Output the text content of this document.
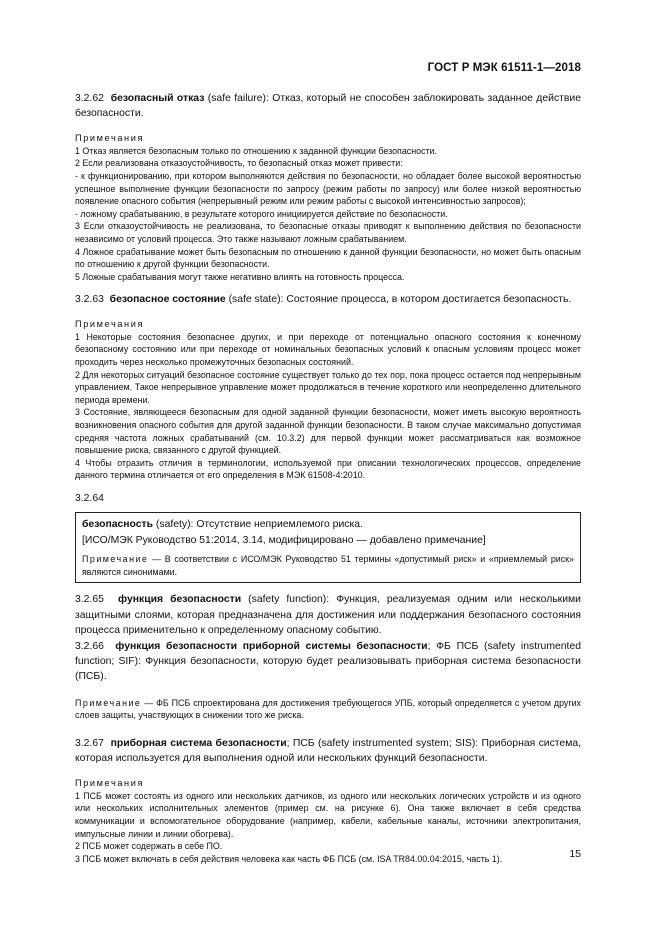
ГОСТ Р МЭК 61511-1—2018

3.2.62 безопасный отказ (safe failure): Отказ, который не способен заблокировать заданное действие безопасности.

Примечания

1 Отказ является безопасным только по отношению к заданной функции безопасности.

2 Если реализована отказоустойчивость, то безопасный отказ может привести:

- к функционированию, при котором выполняются действия по безопасности, но обладает более высокой вероятностью успешное выполнение функции безопасности по запросу (режим работы по запросу) или более низкой вероятностью появление опасного события (непрерывный режим или режим работы с высокой интенсивностью запросов);

- ложному срабатыванию, в результате которого инициируется действие по безопасности.

3 Если отказоустойчивость не реализована, то безопасные отказы приводят к выполнению действия по безопасности независимо от условий процесса. Это также называют ложным срабатыванием.

4 Ложное срабатывание может быть безопасным по отношению к данной функции безопасности, но может быть опасным по отношению к другой функции безопасности.

5 Ложные срабатывания могут также негативно влиять на готовность процесса.

3.2.63 безопасное состояние (safe state): Состояние процесса, в котором достигается безопасность.

Примечания

1 Некоторые состояния безопаснее других, и при переходе от потенциально опасного состояния к конечному безопасному состоянию или при переходе от номинальных безопасных условий к опасным условиям процесс может проходить через несколько промежуточных безопасных состояний.

2 Для некоторых ситуаций безопасное состояние существует только до тех пор, пока процесс остается под непрерывным управлением. Такое непрерывное управление может продолжаться в течение короткого или неопределенно длительного периода времени.

3 Состояние, являющееся безопасным для одной заданной функции безопасности, может иметь высокую вероятность возникновения опасного события для другой заданной функции безопасности. В таком случае максимально допустимая средняя частота ложных срабатываний (см. 10.3.2) для первой функции может рассматриваться как возможное повышение риска, связанного с другой функцией.

4 Чтобы отразить отличия в терминологии, используемой при описании технологических процессов, определение данного термина отличается от его определения в МЭК 61508-4:2010.

3.2.64

безопасность (safety): Отсутствие неприемлемого риска.

[ИСО/МЭК Руководство 51:2014, 3.14, модифицировано — добавлено примечание]

Примечание — В соответствии с ИСО/МЭК Руководство 51 термины «допустимый риск» и «приемлемый риск» являются синонимами.

3.2.65 функция безопасности (safety function): Функция, реализуемая одним или несколькими защитными слоями, которая предназначена для достижения или поддержания безопасного состояния процесса применительно к определенному опасному событию.

3.2.66 функция безопасности приборной системы безопасности; ФБ ПСБ (safety instrumented function; SIF): Функция безопасности, которую будет реализовывать приборная система безопасности (ПСБ).

Примечание — ФБ ПСБ спроектирована для достижения требующегося УПБ, который определяется с учетом других слоев защиты, участвующих в снижении того же риска.

3.2.67 приборная система безопасности; ПСБ (safety instrumented system; SIS): Приборная система, которая используется для выполнения одной или нескольких функций безопасности.

Примечания

1 ПСБ может состоять из одного или нескольких датчиков, из одного или нескольких логических устройств и из одного или нескольких исполнительных элементов (пример см. на рисунке 6). Она также включает в себя средства коммуникации и вспомогательное оборудование (например, кабели, кабельные каналы, источники электропитания, импульсные линии и линии обогрева).

2 ПСБ может содержать в себе ПО.

3 ПСБ может включать в себя действия человека как часть ФБ ПСБ (см. ISA TR84.00.04:2015, часть 1).	15
